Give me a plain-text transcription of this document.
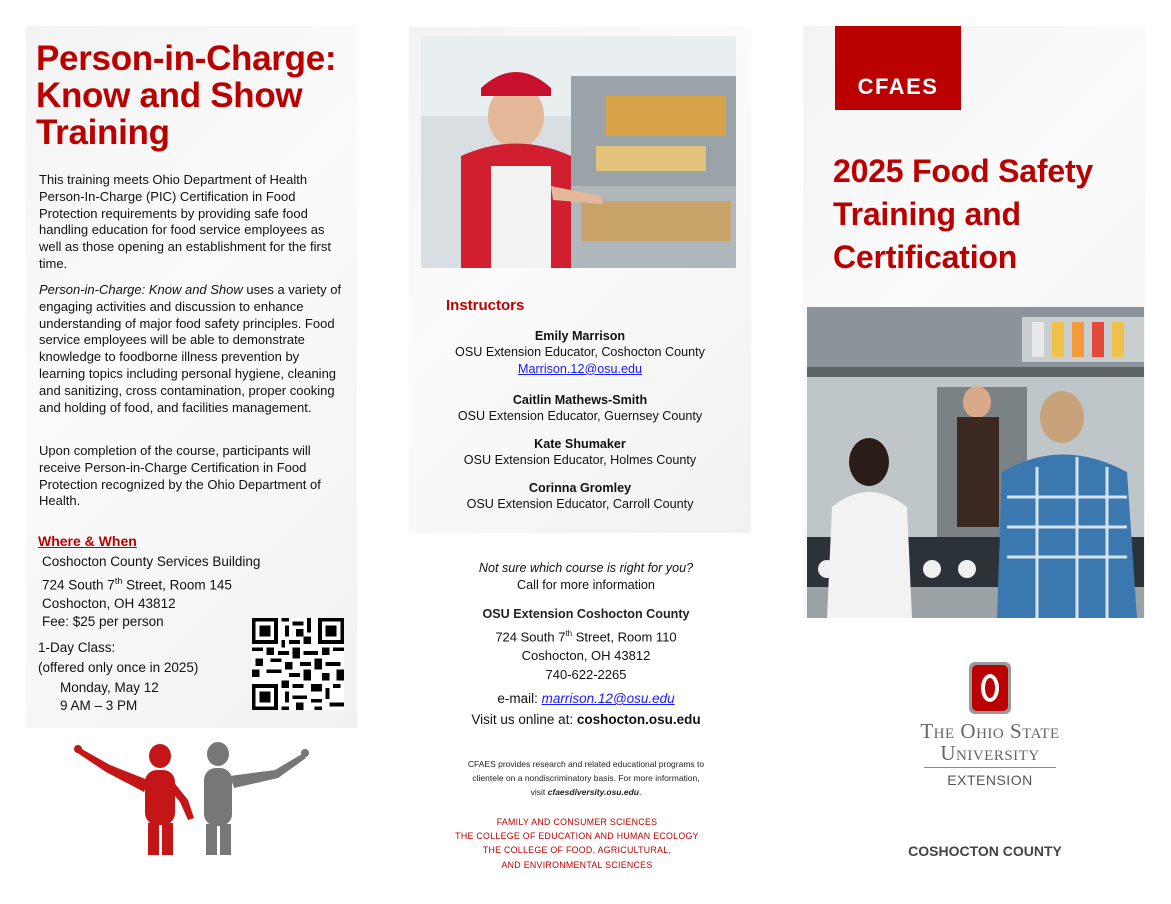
Person-in-Charge:
Know and Show
Training

This training meets Ohio Department of Health Person-In-Charge (PIC) Certification in Food Protection requirements by providing safe food handling education for food service employees as well as those opening an establishment for the first time.

Person-in-Charge: Know and Show uses a variety of engaging activities and discussion to enhance understanding of major food safety principles. Food service employees will be able to demonstrate knowledge to foodborne illness prevention by learning topics including personal hygiene, cleaning and sanitizing, cross contamination, proper cooking and holding of food, and facilities management.

Upon completion of the course, participants will receive Person-in-Charge Certification in Food Protection recognized by the Ohio Department of Health.

Where & When
Coshocton County Services Building
724 South 7th Street, Room 145
Coshocton, OH 43812
Fee: $25 per person
1-Day Class:
(offered only once in 2025)
Monday, May 12
9 AM – 3 PM
Instructors
Emily Marrison
OSU Extension Educator, Coshocton County
Marrison.12@osu.edu
Caitlin Mathews-Smith
OSU Extension Educator, Guernsey County
Kate Shumaker
OSU Extension Educator, Holmes County
Corinna Gromley
OSU Extension Educator, Carroll County
Not sure which course is right for you?
Call for more information
OSU Extension Coshocton County
724 South 7th Street, Room 110
Coshocton, OH 43812
740-622-2265
e-mail: marrison.12@osu.edu
Visit us online at: coshocton.osu.edu
CFAES provides research and related educational programs to
clientele on a nondiscriminatory basis. For more information,
visit cfaesdiversity.osu.edu.
FAMILY AND CONSUMER SCIENCES
THE COLLEGE OF EDUCATION AND HUMAN ECOLOGY
THE COLLEGE OF FOOD, AGRICULTURAL,
AND ENVIRONMENTAL SCIENCES
CFAES
2025 Food Safety
Training and
Certification
The Ohio State
University
EXTENSION
COSHOCTON COUNTY
